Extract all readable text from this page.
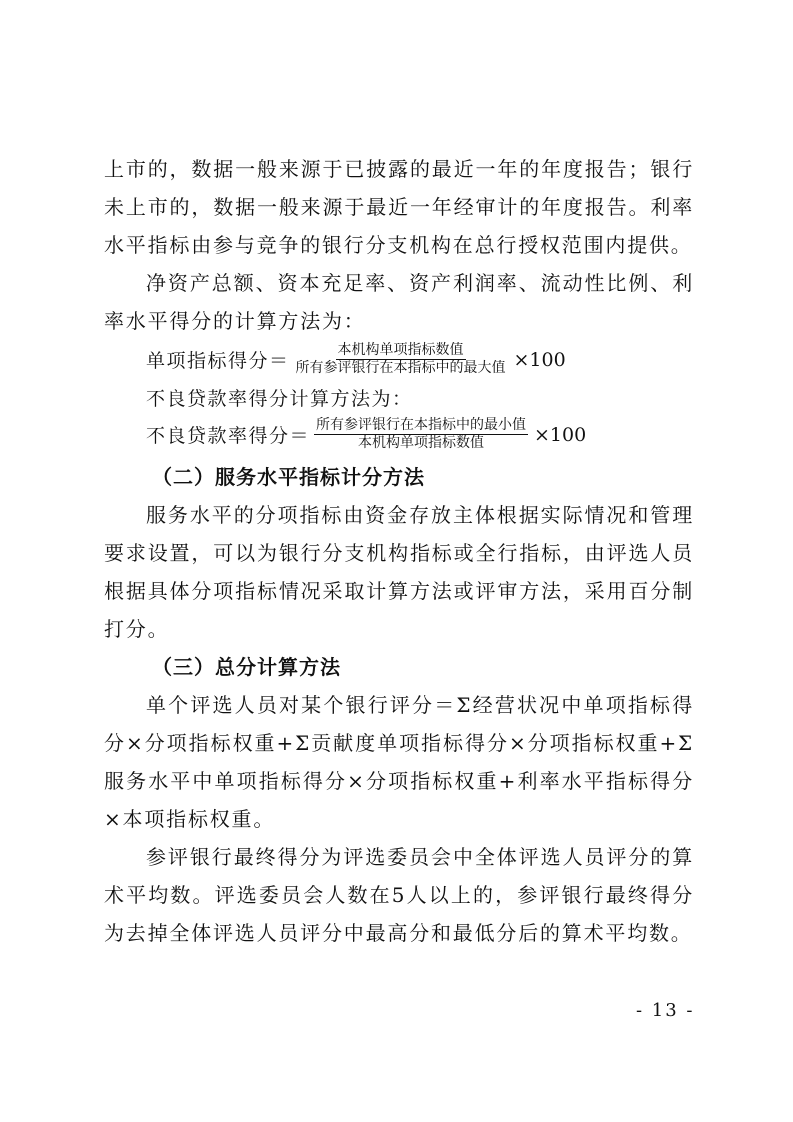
上市的，数据一般来源于已披露的最近一年的年度报告；银行未上市的，数据一般来源于最近一年经审计的年度报告。利率水平指标由参与竞争的银行分支机构在总行授权范围内提供。

净资产总额、资本充足率、资产利润率、流动性比例、利率水平得分的计算方法为：

单项指标得分＝ $\frac{\text{本机构单项指标数值}}{\text{所有参评银行在本指标中的最大值}} \times 100$

不良贷款率得分计算方法为：

不良贷款率得分＝ $\frac{\text{所有参评银行在本指标中的最小值}}{\text{本机构单项指标数值}} \times 100$

（二）服务水平指标计分方法

服务水平的分项指标由资金存放主体根据实际情况和管理要求设置，可以为银行分支机构指标或全行指标，由评选人员根据具体分项指标情况采取计算方法或评审方法，采用百分制打分。

（三）总分计算方法

单个评选人员对某个银行评分＝Σ经营状况中单项指标得分×分项指标权重+Σ贡献度单项指标得分×分项指标权重+Σ服务水平中单项指标得分×分项指标权重+利率水平指标得分×本项指标权重。

参评银行最终得分为评选委员会中全体评选人员评分的算术平均数。评选委员会人数在5人以上的，参评银行最终得分为去掉全体评选人员评分中最高分和最低分后的算术平均数。

- 13 -
